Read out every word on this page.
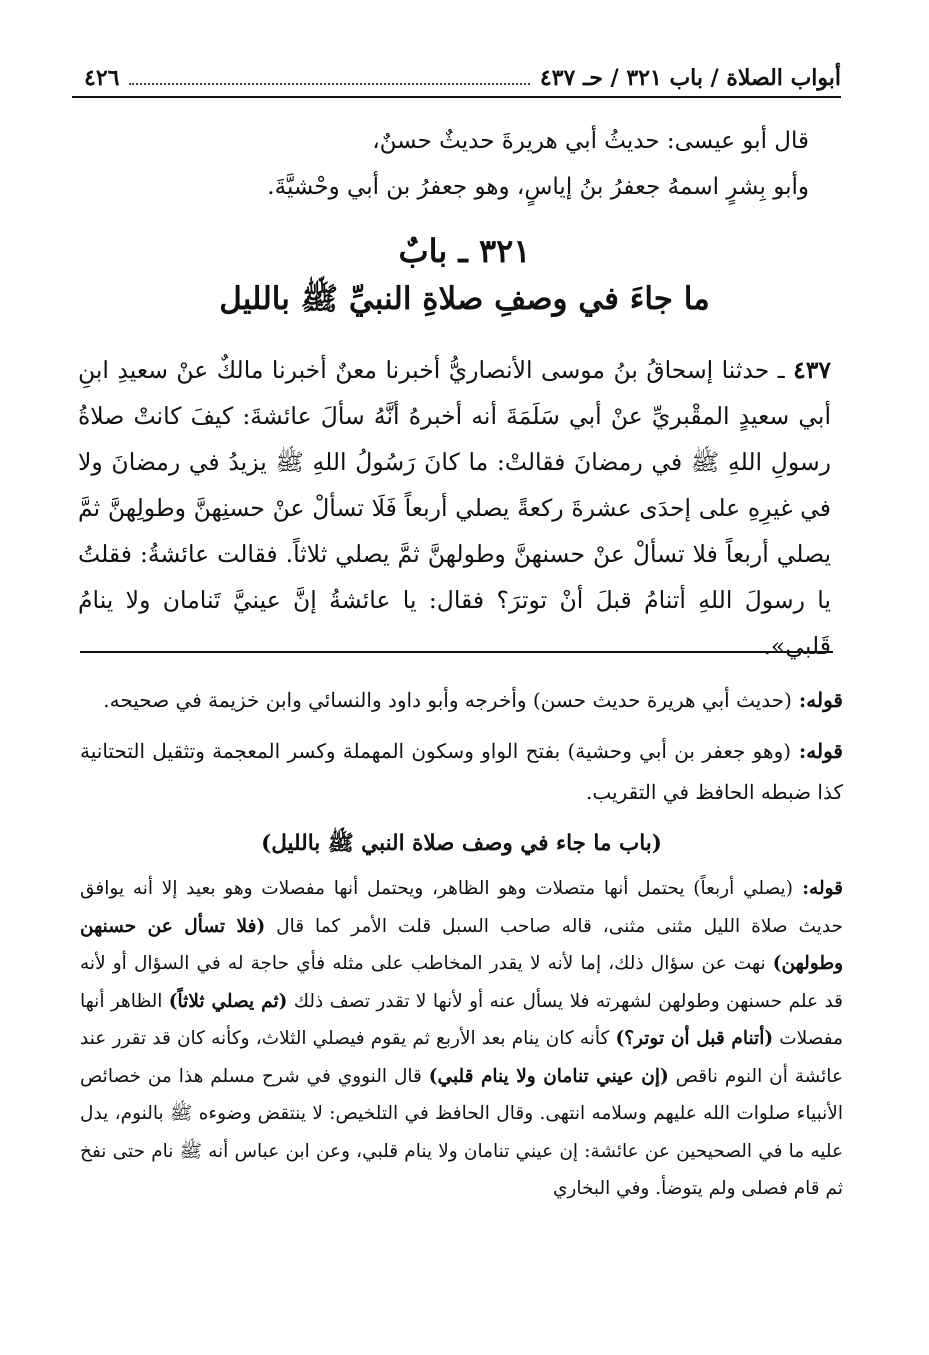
٤٢٦	أبواب الصلاة / باب ٣٢١ / حـ ٤٣٧

قال أبو عيسى: حديثُ أبي هريرةَ حديثٌ حسنٌ،

وأبو بِشرٍ اسمهُ جعفرُ بنُ إياسٍ، وهو جعفرُ بن أبي وحْشيَّةَ.

٣٢١ ـ بابٌ
ما جاءَ في وصفِ صلاةِ النبيِّ ﷺ بالليل
٤٣٧ ـ حدثنا إسحاقُ بنُ موسى الأنصاريُّ أخبرنا معنٌ أخبرنا مالكٌ عنْ سعيدِ ابنِ أبي سعيدٍ المقْبريِّ عنْ أبي سَلَمَةَ أنه أخبرهُ أنَّهُ سألَ عائشةَ: كيفَ كانتْ صلاةُ رسولِ اللهِ ﷺ في رمضانَ فقالتْ: ما كانَ رَسُولُ اللهِ ﷺ يزيدُ في رمضانَ ولا في غيرِهِ على إحدَى عشرةَ ركعةً يصلي أربعاً فَلَا تسألْ عنْ حسنِهنَّ وطولِهنَّ ثمَّ يصلي أربعاً فلا تسألْ عنْ حسنهنَّ وطولهنَّ ثمَّ يصلي ثلاثاً. فقالت عائشةُ: فقلتُ يا رسولَ اللهِ أتنامُ قبلَ أنْ توترَ؟ فقال: يا عائشةُ إنَّ عينيَّ تَنامان ولا ينامُ قَلبي».

قوله: (حديث أبي هريرة حديث حسن) وأخرجه وأبو داود والنسائي وابن خزيمة في صحيحه.

قوله: (وهو جعفر بن أبي وحشية) بفتح الواو وسكون المهملة وكسر المعجمة وتثقيل التحتانية كذا ضبطه الحافظ في التقريب.

(باب ما جاء في وصف صلاة النبي ﷺ بالليل)

قوله: (يصلي أربعاً) يحتمل أنها متصلات وهو الظاهر، ويحتمل أنها مفصلات وهو بعيد إلا أنه يوافق حديث صلاة الليل مثنى مثنى، قاله صاحب السبل قلت الأمر كما قال (فلا تسأل عن حسنهن وطولهن) نهت عن سؤال ذلك، إما لأنه لا يقدر المخاطب على مثله فأي حاجة له في السؤال أو لأنه قد علم حسنهن وطولهن لشهرته فلا يسأل عنه أو لأنها لا تقدر تصف ذلك (ثم يصلي ثلاثاً) الظاهر أنها مفصلات (أتنام قبل أن توتر؟) كأنه كان ينام بعد الأربع ثم يقوم فيصلي الثلاث، وكأنه كان قد تقرر عند عائشة أن النوم ناقص (إن عيني تنامان ولا ينام قلبي) قال النووي في شرح مسلم هذا من خصائص الأنبياء صلوات الله عليهم وسلامه انتهى. وقال الحافظ في التلخيص: لا ينتقض وضوءه ﷺ بالنوم، يدل عليه ما في الصحيحين عن عائشة: إن عيني تنامان ولا ينام قلبي، وعن ابن عباس أنه ﷺ نام حتى نفخ ثم قام فصلى ولم يتوضأ. وفي البخاري
